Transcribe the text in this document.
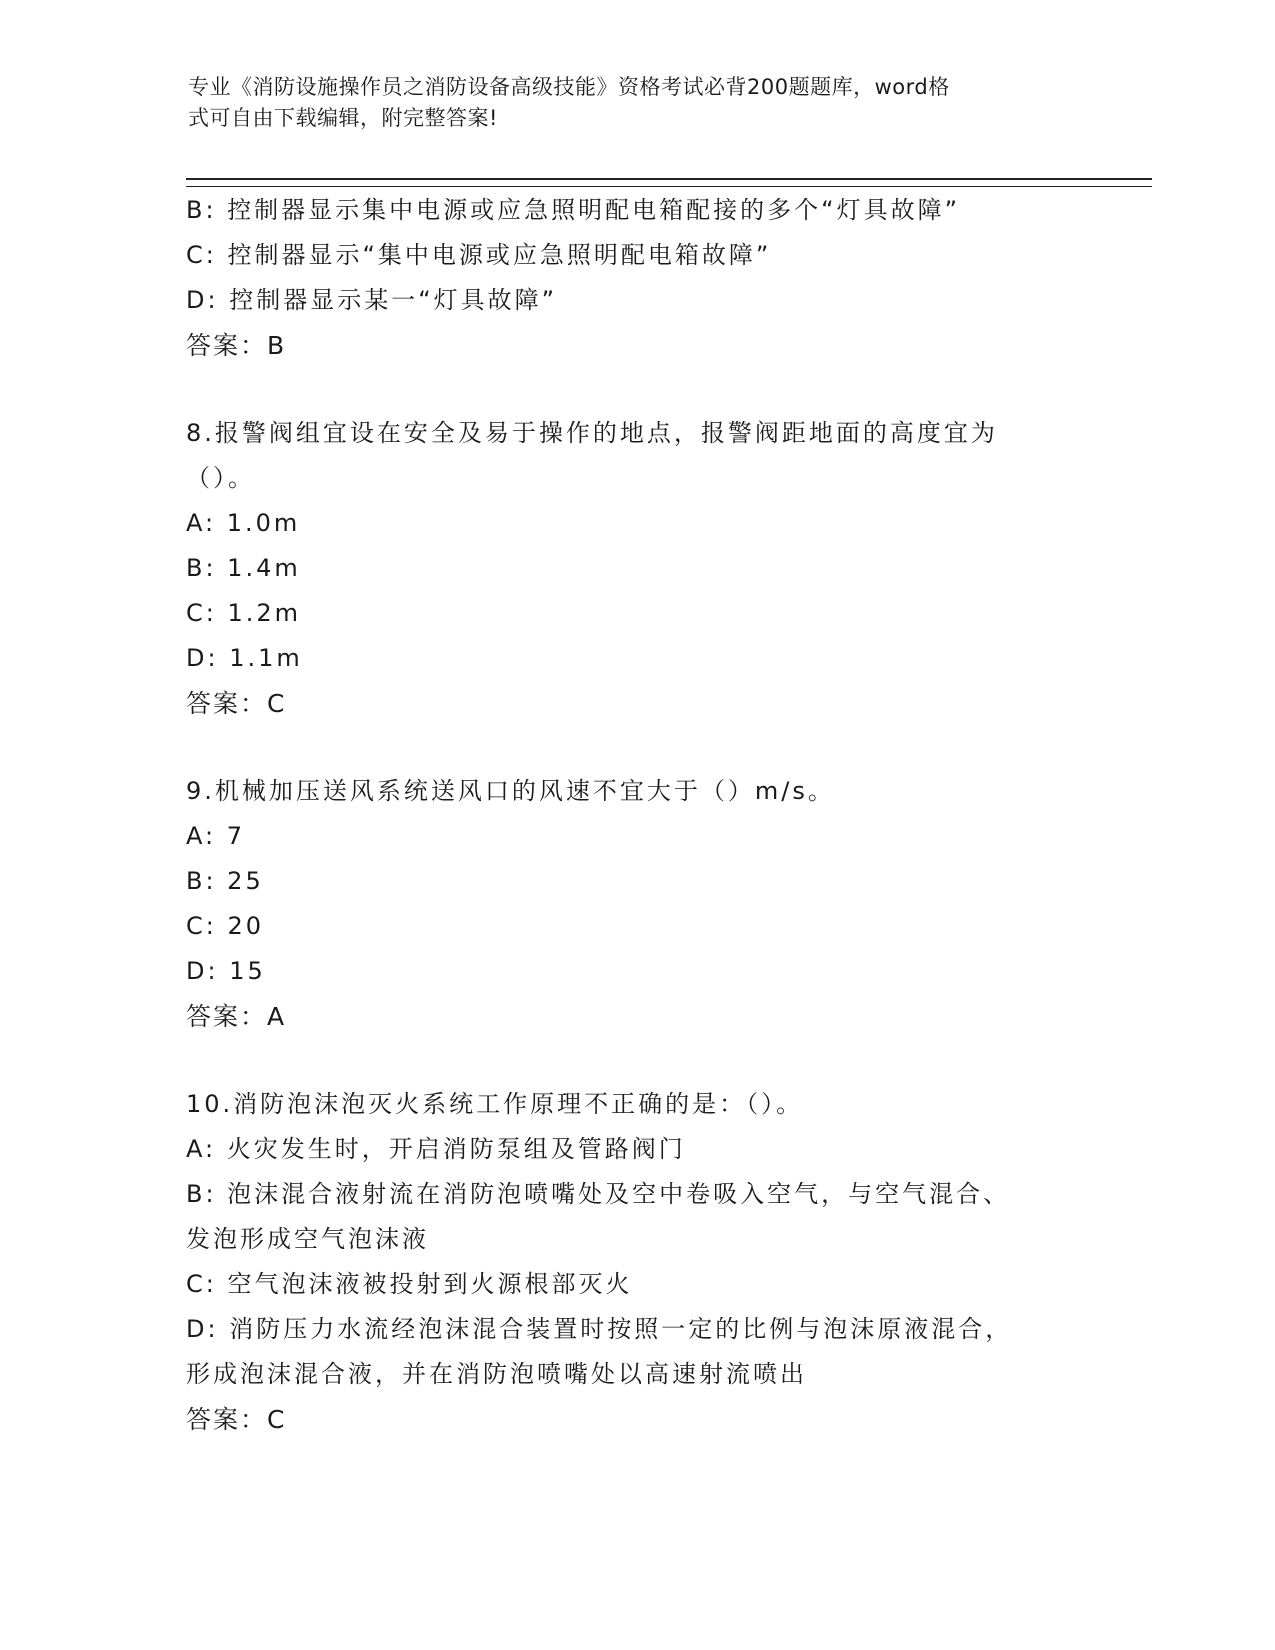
专业《消防设施操作员之消防设备高级技能》资格考试必背200题题库，word格
式可自由下载编辑，附完整答案!
B: 控制器显示集中电源或应急照明配电箱配接的多个“灯具故障”
C: 控制器显示“集中电源或应急照明配电箱故障”
D: 控制器显示某一“灯具故障”
答案：B
8.报警阀组宜设在安全及易于操作的地点，报警阀距地面的高度宜为
（）。
A: 1.0m
B: 1.4m
C: 1.2m
D: 1.1m
答案：C
9.机械加压送风系统送风口的风速不宜大于（）m/s。
A: 7
B: 25
C: 20
D: 15
答案：A
10.消防泡沫泡灭火系统工作原理不正确的是：（）。
A: 火灾发生时，开启消防泵组及管路阀门
B: 泡沫混合液射流在消防泡喷嘴处及空中卷吸入空气，与空气混合、
发泡形成空气泡沫液
C: 空气泡沫液被投射到火源根部灭火
D: 消防压力水流经泡沫混合装置时按照一定的比例与泡沫原液混合，
形成泡沫混合液，并在消防泡喷嘴处以高速射流喷出
答案：C
